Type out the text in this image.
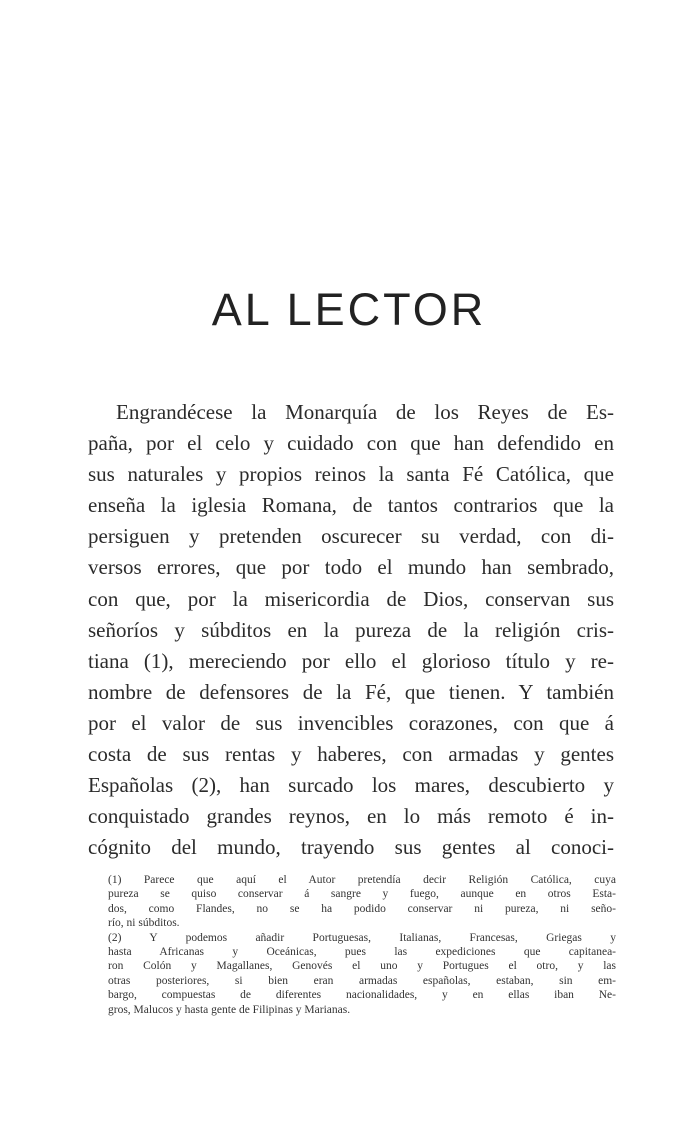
AL LECTOR
Engrandécese la Monarquía de los Reyes de Es-
paña, por el celo y cuidado con que han defendido en
sus naturales y propios reinos la santa Fé Católica, que
enseña la iglesia Romana, de tantos contrarios que la
persiguen y pretenden oscurecer su verdad, con di-
versos errores, que por todo el mundo han sembrado,
con que, por la misericordia de Dios, conservan sus
señoríos y súbditos en la pureza de la religión cris-
tiana (1), mereciendo por ello el glorioso título y re-
nombre de defensores de la Fé, que tienen. Y también
por el valor de sus invencibles corazones, con que á
costa de sus rentas y haberes, con armadas y gentes
Españolas (2), han surcado los mares, descubierto y
conquistado grandes reynos, en lo más remoto é in-
cógnito del mundo, trayendo sus gentes al conoci-
(1) Parece que aquí el Autor pretendía decir Religión Católica, cuya
pureza se quiso conservar á sangre y fuego, aunque en otros Esta-
dos, como Flandes, no se ha podido conservar ni pureza, ni seño-
río, ni súbditos.
(2) Y podemos añadir Portuguesas, Italianas, Francesas, Griegas y
hasta Africanas y Oceánicas, pues las expediciones que capitanea-
ron Colón y Magallanes, Genovés el uno y Portugues el otro, y las
otras posteriores, si bien eran armadas españolas, estaban, sin em-
bargo, compuestas de diferentes nacionalidades, y en ellas iban Ne-
gros, Malucos y hasta gente de Filipinas y Marianas.
